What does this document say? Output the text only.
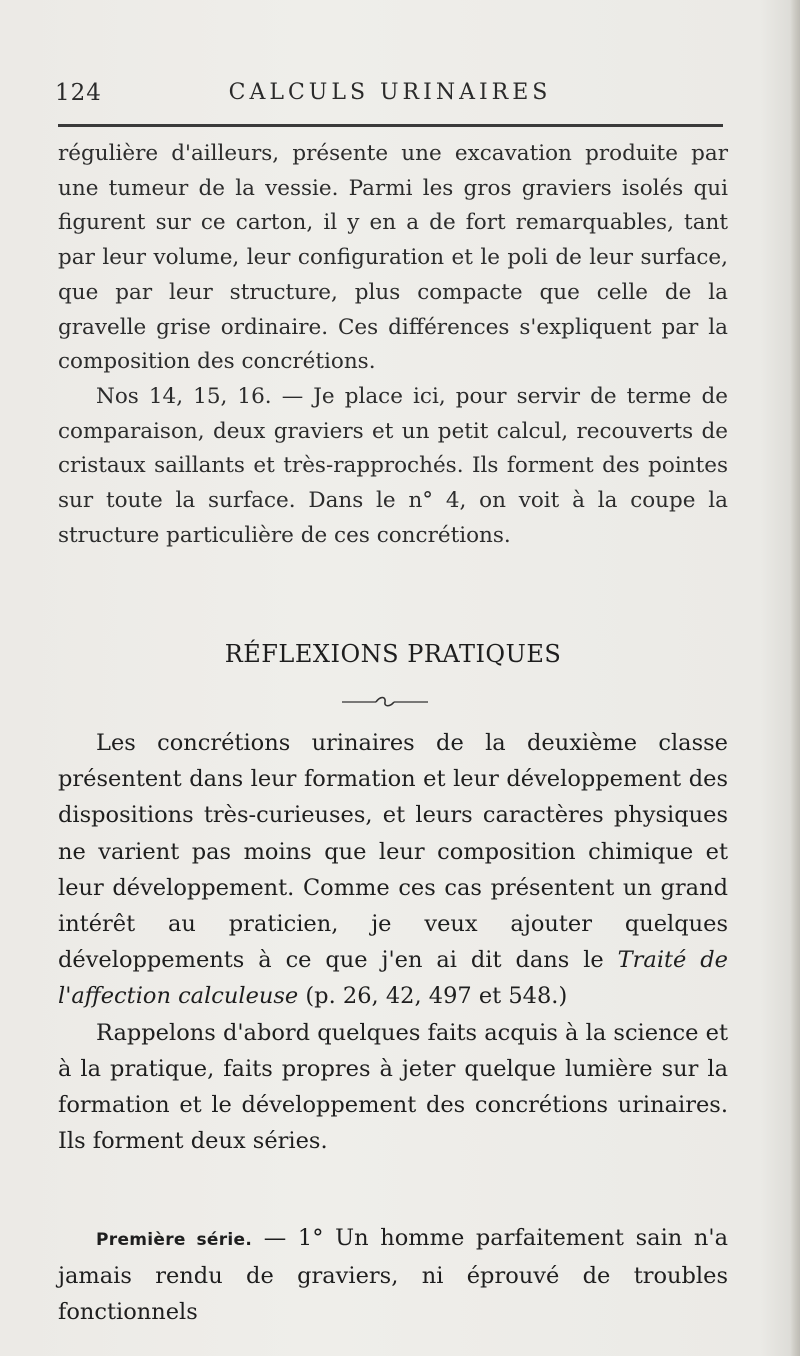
124	CALCULS URINAIRES

régulière d'ailleurs, présente une excavation produite par une tumeur de la vessie. Parmi les gros graviers isolés qui figurent sur ce carton, il y en a de fort remarquables, tant par leur volume, leur configuration et le poli de leur surface, que par leur structure, plus compacte que celle de la gravelle grise ordinaire. Ces différences s'expliquent par la composition des concrétions.

Nos 14, 15, 16. — Je place ici, pour servir de terme de comparaison, deux graviers et un petit calcul, recouverts de cristaux saillants et très-rapprochés. Ils forment des pointes sur toute la surface. Dans le n° 4, on voit à la coupe la structure particulière de ces concrétions.

RÉFLEXIONS PRATIQUES

Les concrétions urinaires de la deuxième classe présentent dans leur formation et leur développement des dispositions très-curieuses, et leurs caractères physiques ne varient pas moins que leur composition chimique et leur développement. Comme ces cas présentent un grand intérêt au praticien, je veux ajouter quelques développements à ce que j'en ai dit dans le Traité de l'affection calculeuse (p. 26, 42, 497 et 548.)

Rappelons d'abord quelques faits acquis à la science et à la pratique, faits propres à jeter quelque lumière sur la formation et le développement des concrétions urinaires. Ils forment deux séries.

Première série. — 1° Un homme parfaitement sain n'a jamais rendu de graviers, ni éprouvé de troubles fonctionnels
